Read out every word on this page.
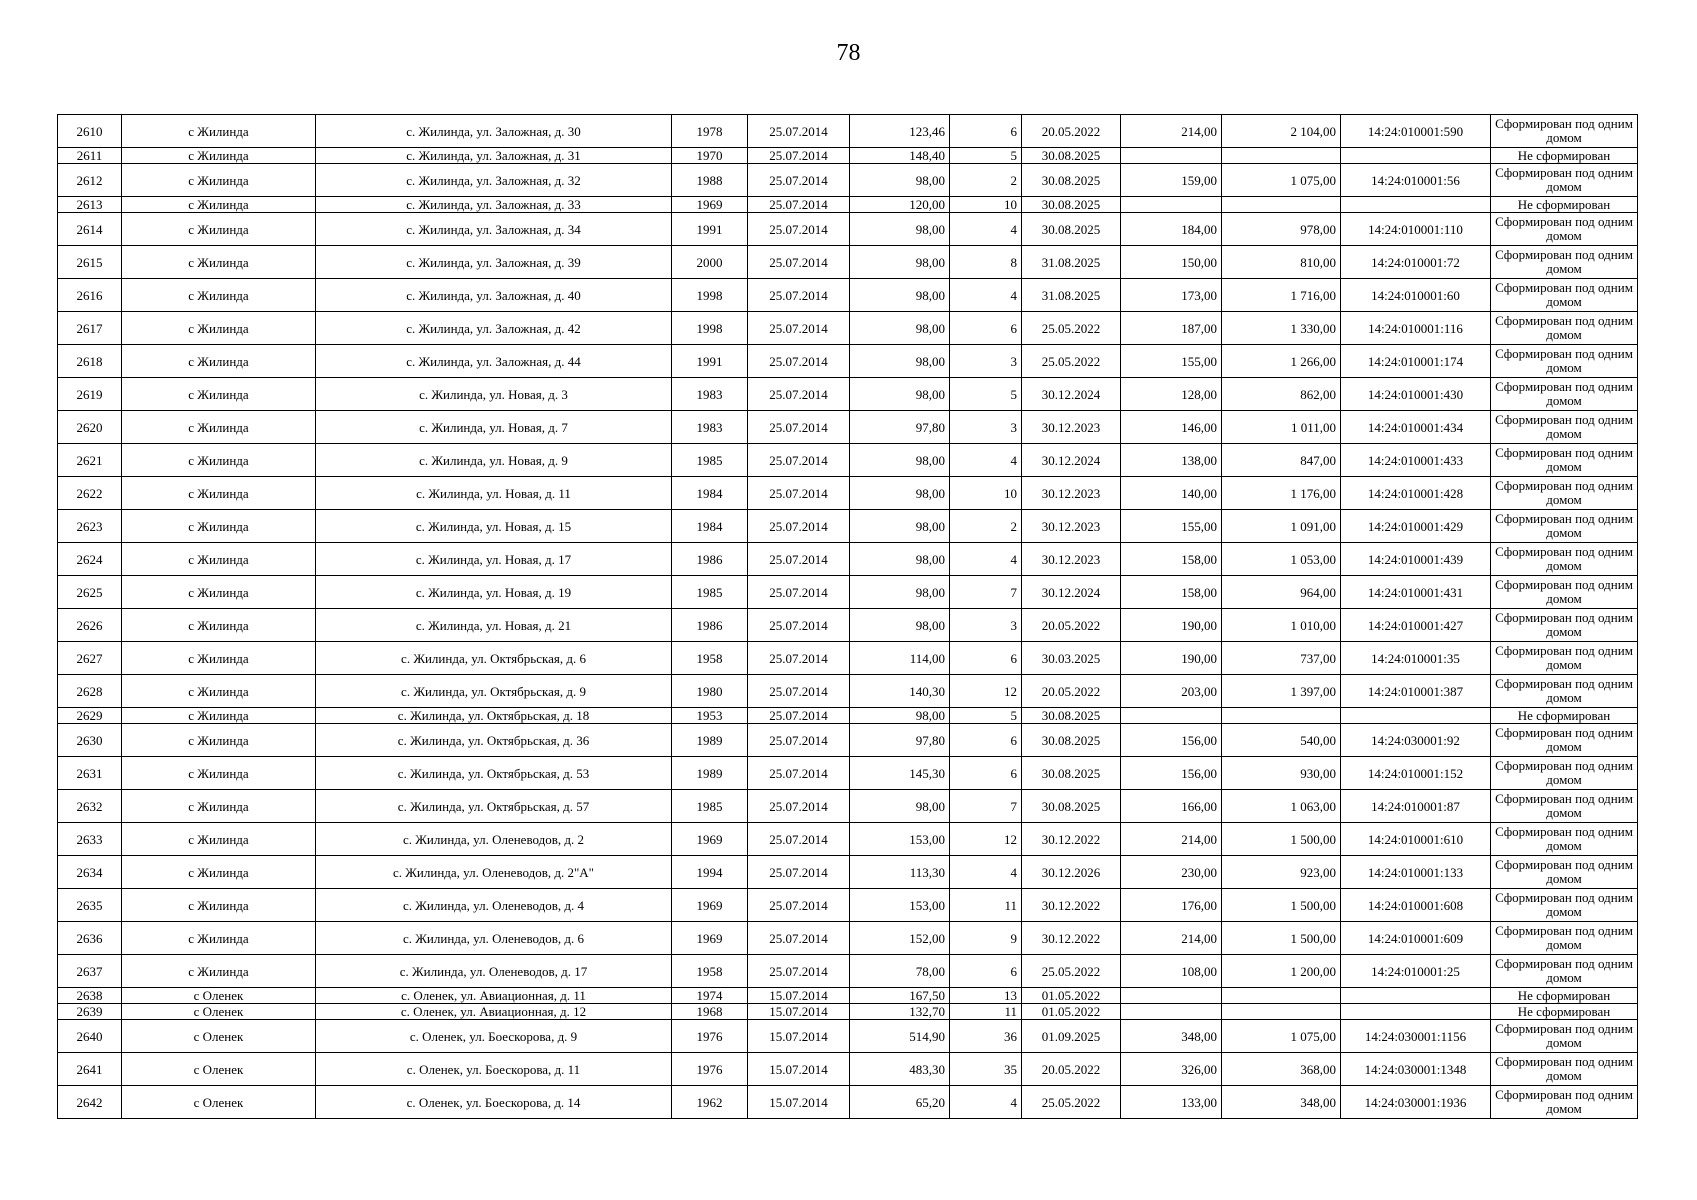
78
2610	с Жилинда	с. Жилинда, ул. Заложная, д. 30	1978	25.07.2014	123,46	6	20.05.2022	214,00	2 104,00	14:24:010001:590	Сформирован под одним домом
2611	с Жилинда	с. Жилинда, ул. Заложная, д. 31	1970	25.07.2014	148,40	5	30.08.2025				Не сформирован
2612	с Жилинда	с. Жилинда, ул. Заложная, д. 32	1988	25.07.2014	98,00	2	30.08.2025	159,00	1 075,00	14:24:010001:56	Сформирован под одним домом
2613	с Жилинда	с. Жилинда, ул. Заложная, д. 33	1969	25.07.2014	120,00	10	30.08.2025				Не сформирован
2614	с Жилинда	с. Жилинда, ул. Заложная, д. 34	1991	25.07.2014	98,00	4	30.08.2025	184,00	978,00	14:24:010001:110	Сформирован под одним домом
2615	с Жилинда	с. Жилинда, ул. Заложная, д. 39	2000	25.07.2014	98,00	8	31.08.2025	150,00	810,00	14:24:010001:72	Сформирован под одним домом
2616	с Жилинда	с. Жилинда, ул. Заложная, д. 40	1998	25.07.2014	98,00	4	31.08.2025	173,00	1 716,00	14:24:010001:60	Сформирован под одним домом
2617	с Жилинда	с. Жилинда, ул. Заложная, д. 42	1998	25.07.2014	98,00	6	25.05.2022	187,00	1 330,00	14:24:010001:116	Сформирован под одним домом
2618	с Жилинда	с. Жилинда, ул. Заложная, д. 44	1991	25.07.2014	98,00	3	25.05.2022	155,00	1 266,00	14:24:010001:174	Сформирован под одним домом
2619	с Жилинда	с. Жилинда, ул. Новая, д. 3	1983	25.07.2014	98,00	5	30.12.2024	128,00	862,00	14:24:010001:430	Сформирован под одним домом
2620	с Жилинда	с. Жилинда, ул. Новая, д. 7	1983	25.07.2014	97,80	3	30.12.2023	146,00	1 011,00	14:24:010001:434	Сформирован под одним домом
2621	с Жилинда	с. Жилинда, ул. Новая, д. 9	1985	25.07.2014	98,00	4	30.12.2024	138,00	847,00	14:24:010001:433	Сформирован под одним домом
2622	с Жилинда	с. Жилинда, ул. Новая, д. 11	1984	25.07.2014	98,00	10	30.12.2023	140,00	1 176,00	14:24:010001:428	Сформирован под одним домом
2623	с Жилинда	с. Жилинда, ул. Новая, д. 15	1984	25.07.2014	98,00	2	30.12.2023	155,00	1 091,00	14:24:010001:429	Сформирован под одним домом
2624	с Жилинда	с. Жилинда, ул. Новая, д. 17	1986	25.07.2014	98,00	4	30.12.2023	158,00	1 053,00	14:24:010001:439	Сформирован под одним домом
2625	с Жилинда	с. Жилинда, ул. Новая, д. 19	1985	25.07.2014	98,00	7	30.12.2024	158,00	964,00	14:24:010001:431	Сформирован под одним домом
2626	с Жилинда	с. Жилинда, ул. Новая, д. 21	1986	25.07.2014	98,00	3	20.05.2022	190,00	1 010,00	14:24:010001:427	Сформирован под одним домом
2627	с Жилинда	с. Жилинда, ул. Октябрьская, д. 6	1958	25.07.2014	114,00	6	30.03.2025	190,00	737,00	14:24:010001:35	Сформирован под одним домом
2628	с Жилинда	с. Жилинда, ул. Октябрьская, д. 9	1980	25.07.2014	140,30	12	20.05.2022	203,00	1 397,00	14:24:010001:387	Сформирован под одним домом
2629	с Жилинда	с. Жилинда, ул. Октябрьская, д. 18	1953	25.07.2014	98,00	5	30.08.2025				Не сформирован
2630	с Жилинда	с. Жилинда, ул. Октябрьская, д. 36	1989	25.07.2014	97,80	6	30.08.2025	156,00	540,00	14:24:030001:92	Сформирован под одним домом
2631	с Жилинда	с. Жилинда, ул. Октябрьская, д. 53	1989	25.07.2014	145,30	6	30.08.2025	156,00	930,00	14:24:010001:152	Сформирован под одним домом
2632	с Жилинда	с. Жилинда, ул. Октябрьская, д. 57	1985	25.07.2014	98,00	7	30.08.2025	166,00	1 063,00	14:24:010001:87	Сформирован под одним домом
2633	с Жилинда	с. Жилинда, ул. Оленеводов, д. 2	1969	25.07.2014	153,00	12	30.12.2022	214,00	1 500,00	14:24:010001:610	Сформирован под одним домом
2634	с Жилинда	с. Жилинда, ул. Оленеводов, д. 2"А"	1994	25.07.2014	113,30	4	30.12.2026	230,00	923,00	14:24:010001:133	Сформирован под одним домом
2635	с Жилинда	с. Жилинда, ул. Оленеводов, д. 4	1969	25.07.2014	153,00	11	30.12.2022	176,00	1 500,00	14:24:010001:608	Сформирован под одним домом
2636	с Жилинда	с. Жилинда, ул. Оленеводов, д. 6	1969	25.07.2014	152,00	9	30.12.2022	214,00	1 500,00	14:24:010001:609	Сформирован под одним домом
2637	с Жилинда	с. Жилинда, ул. Оленеводов, д. 17	1958	25.07.2014	78,00	6	25.05.2022	108,00	1 200,00	14:24:010001:25	Сформирован под одним домом
2638	с Оленек	с. Оленек, ул. Авиационная, д. 11	1974	15.07.2014	167,50	13	01.05.2022				Не сформирован
2639	с Оленек	с. Оленек, ул. Авиационная, д. 12	1968	15.07.2014	132,70	11	01.05.2022				Не сформирован
2640	с Оленек	с. Оленек, ул. Боескорова, д. 9	1976	15.07.2014	514,90	36	01.09.2025	348,00	1 075,00	14:24:030001:1156	Сформирован под одним домом
2641	с Оленек	с. Оленек, ул. Боескорова, д. 11	1976	15.07.2014	483,30	35	20.05.2022	326,00	368,00	14:24:030001:1348	Сформирован под одним домом
2642	с Оленек	с. Оленек, ул. Боескорова, д. 14	1962	15.07.2014	65,20	4	25.05.2022	133,00	348,00	14:24:030001:1936	Сформирован под одним домом
